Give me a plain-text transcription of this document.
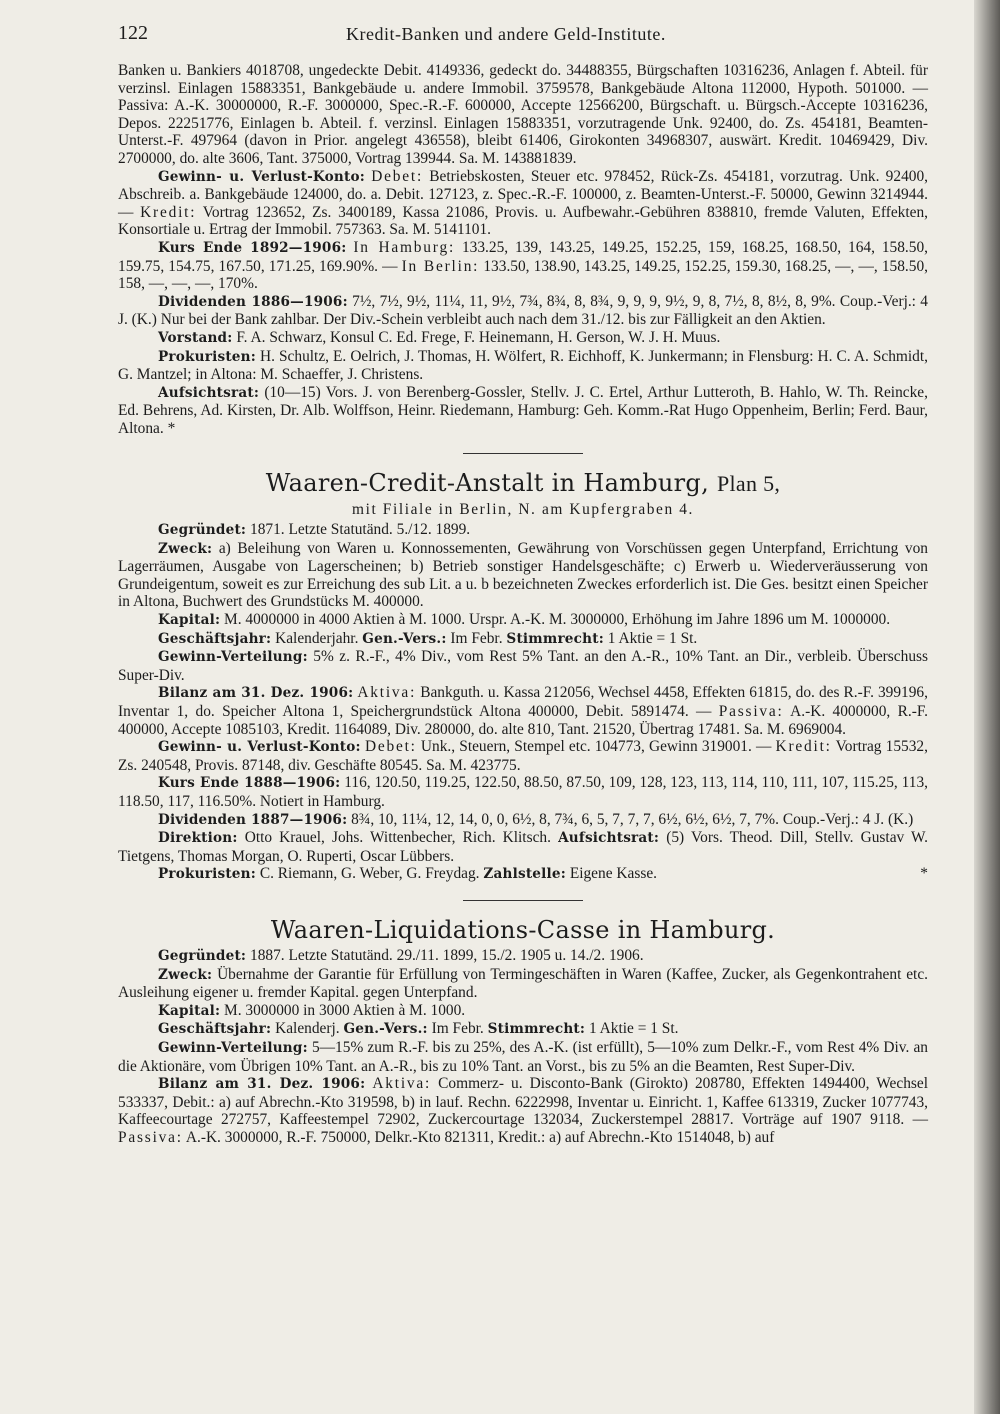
122	Kredit-Banken und andere Geld-Institute.

Banken u. Bankiers 4018708, ungedeckte Debit. 4149336, gedeckt do. 34488355, Bürgschaften 10316236, Anlagen f. Abteil. für verzinsl. Einlagen 15883351, Bankgebäude u. andere Immobil. 3759578, Bankgebäude Altona 112000, Hypoth. 501000. — Passiva: A.-K. 30000000, R.-F. 3000000, Spec.-R.-F. 600000, Accepte 12566200, Bürgschaft. u. Bürgsch.-Accepte 10316236, Depos. 22251776, Einlagen b. Abteil. f. verzinsl. Einlagen 15883351, vorzutragende Unk. 92400, do. Zs. 454181, Beamten-Unterst.-F. 497964 (davon in Prior. angelegt 436558), bleibt 61406, Girokonten 34968307, auswärt. Kredit. 10469429, Div. 2700000, do. alte 3606, Tant. 375000, Vortrag 139944. Sa. M. 143881839.

Gewinn- u. Verlust-Konto: Debet: Betriebskosten, Steuer etc. 978452, Rück-Zs. 454181, vorzutrag. Unk. 92400, Abschreib. a. Bankgebäude 124000, do. a. Debit. 127123, z. Spec.-R.-F. 100000, z. Beamten-Unterst.-F. 50000, Gewinn 3214944. — Kredit: Vortrag 123652, Zs. 3400189, Kassa 21086, Provis. u. Aufbewahr.-Gebühren 838810, fremde Valuten, Effekten, Konsortiale u. Ertrag der Immobil. 757363. Sa. M. 5141101.

Kurs Ende 1892—1906: In Hamburg: 133.25, 139, 143.25, 149.25, 152.25, 159, 168.25, 168.50, 164, 158.50, 159.75, 154.75, 167.50, 171.25, 169.90%. — In Berlin: 133.50, 138.90, 143.25, 149.25, 152.25, 159.30, 168.25, —, —, 158.50, 158, —, —, —, 170%.

Dividenden 1886—1906: 7½, 7½, 9½, 11¼, 11, 9½, 7¾, 8¾, 8, 8¾, 9, 9, 9, 9½, 9, 8, 7½, 8, 8½, 8, 9%. Coup.-Verj.: 4 J. (K.) Nur bei der Bank zahlbar. Der Div.-Schein verbleibt auch nach dem 31./12. bis zur Fälligkeit an den Aktien.

Vorstand: F. A. Schwarz, Konsul C. Ed. Frege, F. Heinemann, H. Gerson, W. J. H. Muus.

Prokuristen: H. Schultz, E. Oelrich, J. Thomas, H. Wölfert, R. Eichhoff, K. Junkermann; in Flensburg: H. C. A. Schmidt, G. Mantzel; in Altona: M. Schaeffer, J. Christens.

Aufsichtsrat: (10—15) Vors. J. von Berenberg-Gossler, Stellv. J. C. Ertel, Arthur Lutteroth, B. Hahlo, W. Th. Reincke, Ed. Behrens, Ad. Kirsten, Dr. Alb. Wolffson, Heinr. Riedemann, Hamburg: Geh. Komm.-Rat Hugo Oppenheim, Berlin; Ferd. Baur, Altona. *

Waaren-Credit-Anstalt in Hamburg, Plan 5,
mit Filiale in Berlin, N. am Kupfergraben 4.

Gegründet: 1871. Letzte Statutänd. 5./12. 1899.

Zweck: a) Beleihung von Waren u. Konnossementen, Gewährung von Vorschüssen gegen Unterpfand, Errichtung von Lagerräumen, Ausgabe von Lagerscheinen; b) Betrieb sonstiger Handelsgeschäfte; c) Erwerb u. Wiederveräusserung von Grundeigentum, soweit es zur Erreichung des sub Lit. a u. b bezeichneten Zweckes erforderlich ist. Die Ges. besitzt einen Speicher in Altona, Buchwert des Grundstücks M. 400000.

Kapital: M. 4000000 in 4000 Aktien à M. 1000. Urspr. A.-K. M. 3000000, Erhöhung im Jahre 1896 um M. 1000000.

Geschäftsjahr: Kalenderjahr. Gen.-Vers.: Im Febr. Stimmrecht: 1 Aktie = 1 St.

Gewinn-Verteilung: 5% z. R.-F., 4% Div., vom Rest 5% Tant. an den A.-R., 10% Tant. an Dir., verbleib. Überschuss Super-Div.

Bilanz am 31. Dez. 1906: Aktiva: Bankguth. u. Kassa 212056, Wechsel 4458, Effekten 61815, do. des R.-F. 399196, Inventar 1, do. Speicher Altona 1, Speichergrundstück Altona 400000, Debit. 5891474. — Passiva: A.-K. 4000000, R.-F. 400000, Accepte 1085103, Kredit. 1164089, Div. 280000, do. alte 810, Tant. 21520, Übertrag 17481. Sa. M. 6969004.

Gewinn- u. Verlust-Konto: Debet: Unk., Steuern, Stempel etc. 104773, Gewinn 319001. — Kredit: Vortrag 15532, Zs. 240548, Provis. 87148, div. Geschäfte 80545. Sa. M. 423775.

Kurs Ende 1888—1906: 116, 120.50, 119.25, 122.50, 88.50, 87.50, 109, 128, 123, 113, 114, 110, 111, 107, 115.25, 113, 118.50, 117, 116.50%. Notiert in Hamburg.

Dividenden 1887—1906: 8¾, 10, 11¼, 12, 14, 0, 0, 6½, 8, 7¾, 6, 5, 7, 7, 7, 6½, 6½, 6½, 7, 7%. Coup.-Verj.: 4 J. (K.)

Direktion: Otto Krauel, Johs. Wittenbecher, Rich. Klitsch. Aufsichtsrat: (5) Vors. Theod. Dill, Stellv. Gustav W. Tietgens, Thomas Morgan, O. Ruperti, Oscar Lübbers.

Prokuristen: C. Riemann, G. Weber, G. Freydag. Zahlstelle: Eigene Kasse.	*

Waaren-Liquidations-Casse in Hamburg.

Gegründet: 1887. Letzte Statutänd. 29./11. 1899, 15./2. 1905 u. 14./2. 1906.

Zweck: Übernahme der Garantie für Erfüllung von Termingeschäften in Waren (Kaffee, Zucker, als Gegenkontrahent etc. Ausleihung eigener u. fremder Kapital. gegen Unterpfand.

Kapital: M. 3000000 in 3000 Aktien à M. 1000.

Geschäftsjahr: Kalenderj. Gen.-Vers.: Im Febr. Stimmrecht: 1 Aktie = 1 St.

Gewinn-Verteilung: 5—15% zum R.-F. bis zu 25%, des A.-K. (ist erfüllt), 5—10% zum Delkr.-F., vom Rest 4% Div. an die Aktionäre, vom Übrigen 10% Tant. an A.-R., bis zu 10% Tant. an Vorst., bis zu 5% an die Beamten, Rest Super-Div.

Bilanz am 31. Dez. 1906: Aktiva: Commerz- u. Disconto-Bank (Girokto) 208780, Effekten 1494400, Wechsel 533337, Debit.: a) auf Abrechn.-Kto 319598, b) in lauf. Rechn. 6222998, Inventar u. Einricht. 1, Kaffee 613319, Zucker 1077743, Kaffeecourtage 272757, Kaffeestempel 72902, Zuckercourtage 132034, Zuckerstempel 28817. Vorträge auf 1907 9118. — Passiva: A.-K. 3000000, R.-F. 750000, Delkr.-Kto 821311, Kredit.: a) auf Abrechn.-Kto 1514048, b) auf
